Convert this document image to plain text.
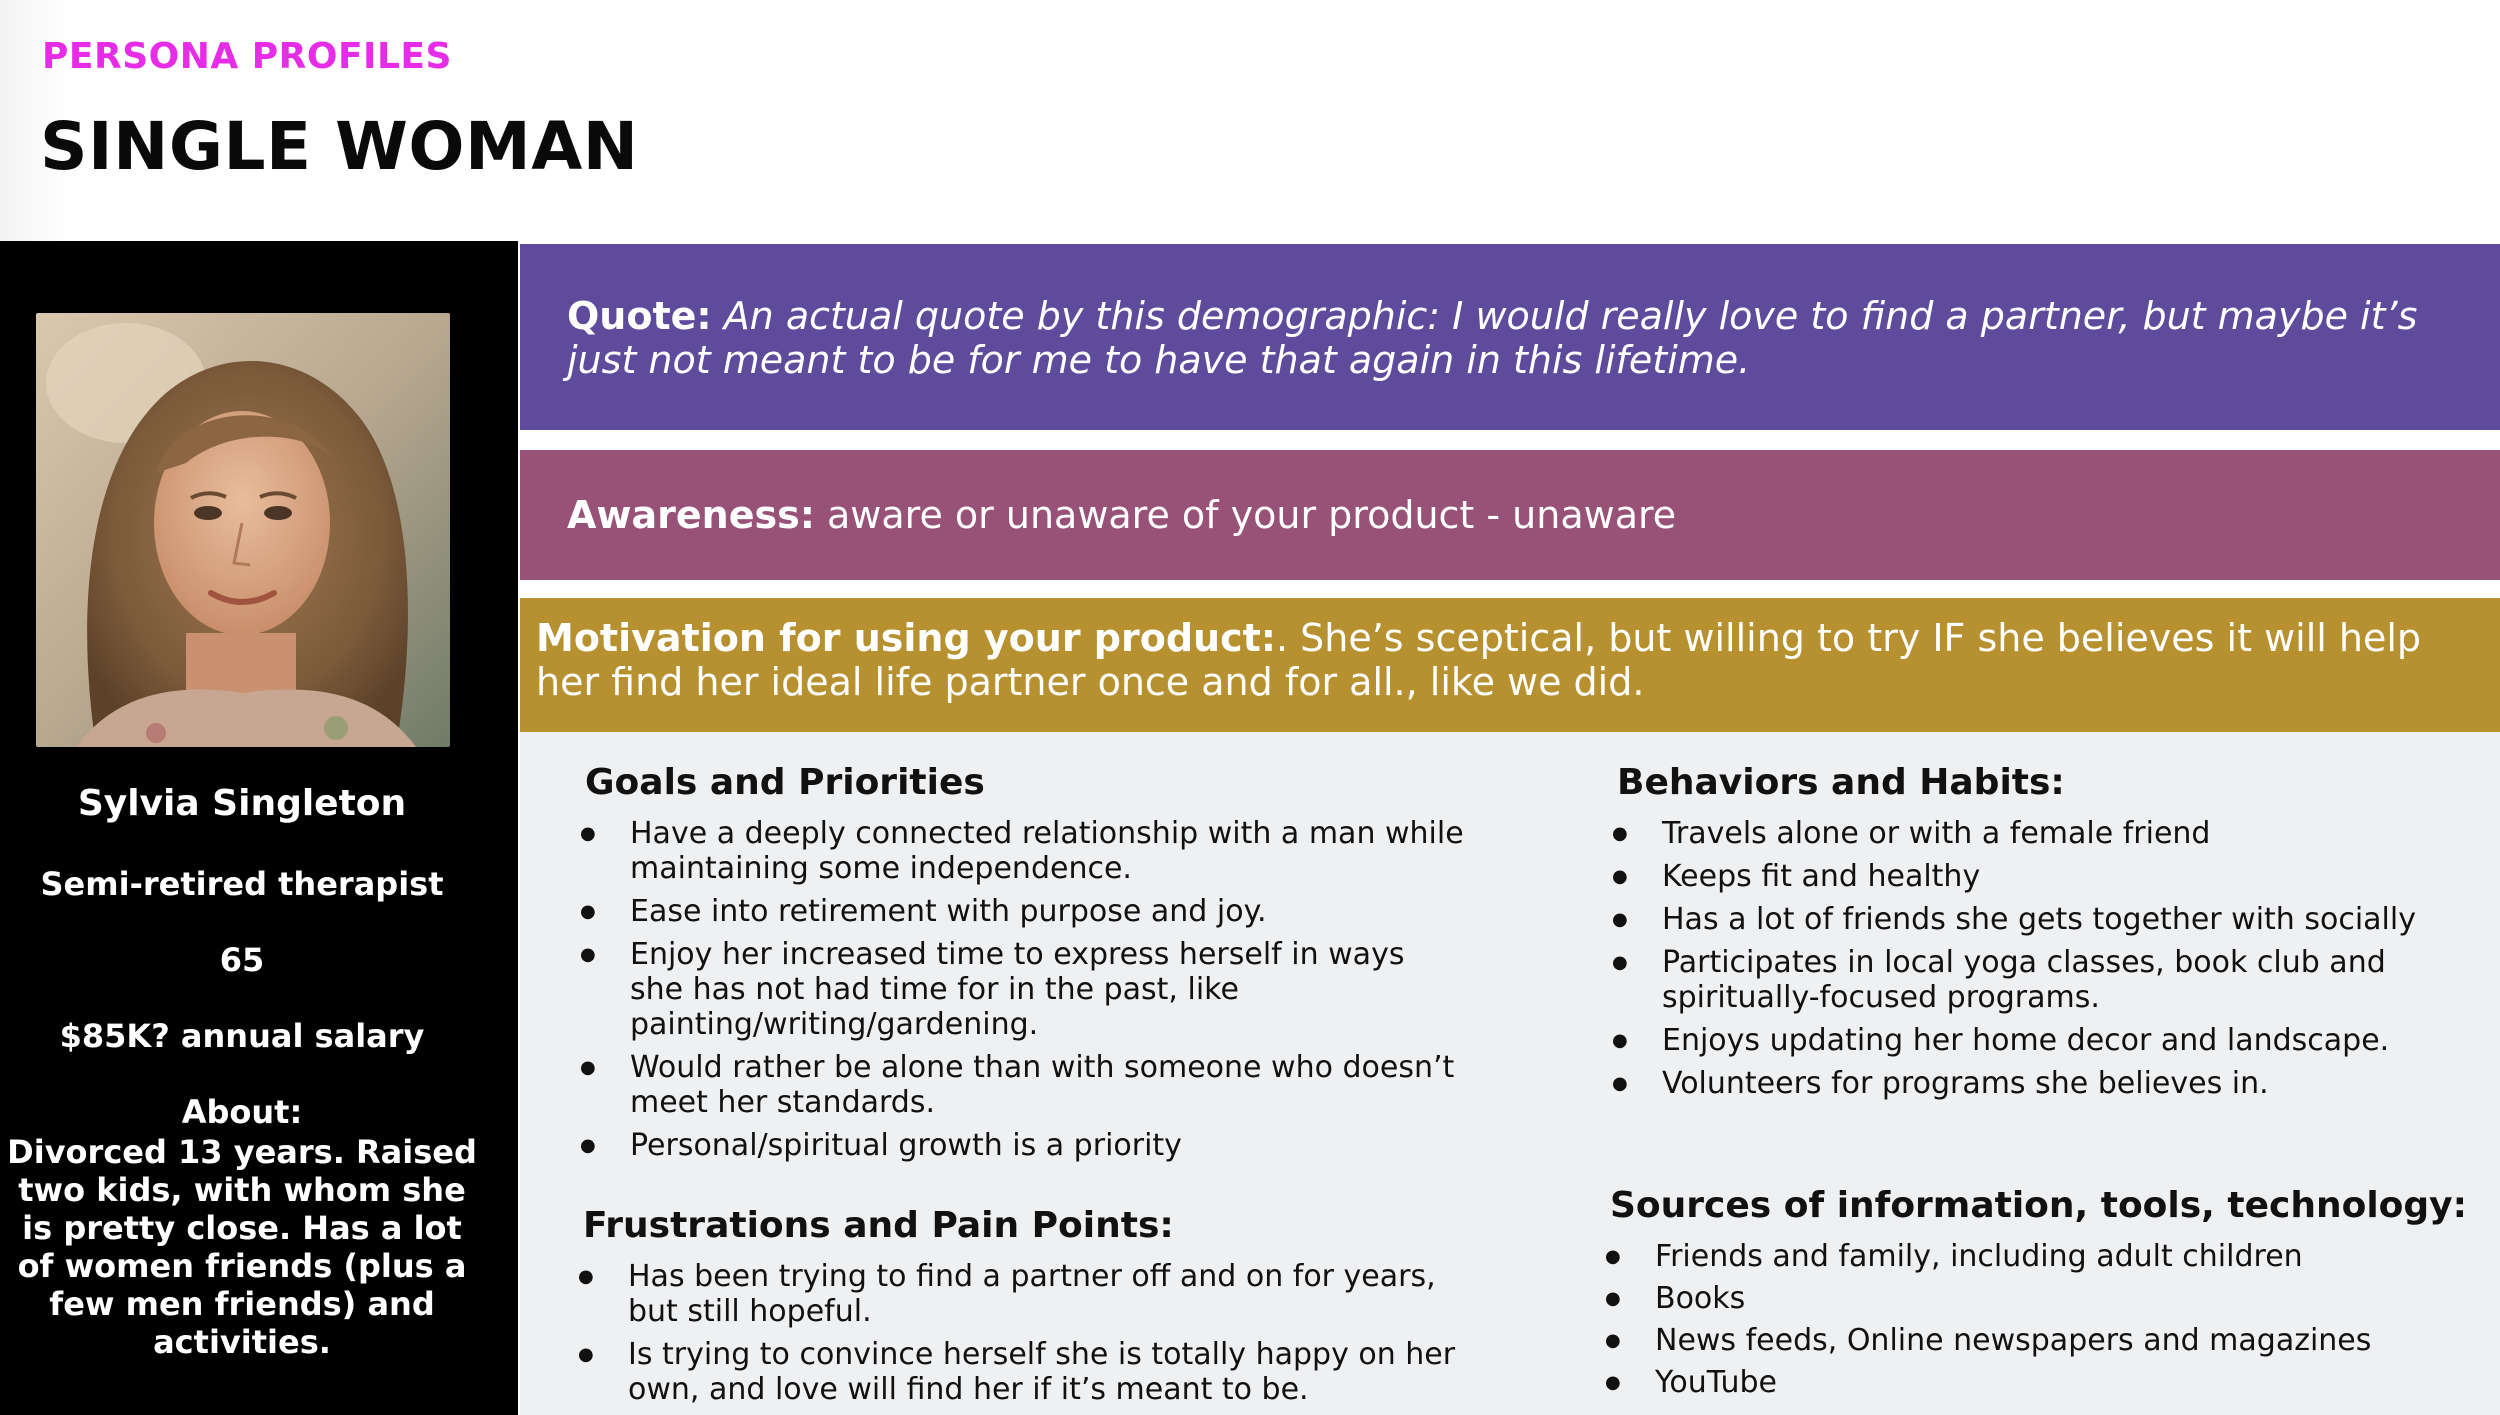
PERSONA PROFILES
SINGLE WOMAN
Sylvia Singleton
Semi-retired therapist
65
$85K? annual salary
About:
Divorced 13 years. Raised two kids, with whom she is pretty close. Has a lot of women friends (plus a few men friends) and activities.
Quote: An actual quote by this demographic: I would really love to find a partner, but maybe it’s just not meant to be for me to have that again in this lifetime.
Awareness: aware or unaware of your product - unaware
Motivation for using your product:. She’s sceptical, but willing to try IF she believes it will help her find her ideal life partner once and for all., like we did.
Goals and Priorities
● Have a deeply connected relationship with a man while maintaining some independence.
● Ease into retirement with purpose and joy.
● Enjoy her increased time to express herself in ways she has not had time for in the past, like painting/writing/gardening.
● Would rather be alone than with someone who doesn’t meet her standards.
● Personal/spiritual growth is a priority
Frustrations and Pain Points:
● Has been trying to find a partner off and on for years, but still hopeful.
● Is trying to convince herself she is totally happy on her own, and love will find her if it’s meant to be.
Behaviors and Habits:
● Travels alone or with a female friend
● Keeps fit and healthy
● Has a lot of friends she gets together with socially
● Participates in local yoga classes, book club and spiritually-focused programs.
● Enjoys updating her home decor and landscape.
● Volunteers for programs she believes in.
Sources of information, tools, technology:
● Friends and family, including adult children
● Books
● News feeds, Online newspapers and magazines
● YouTube
